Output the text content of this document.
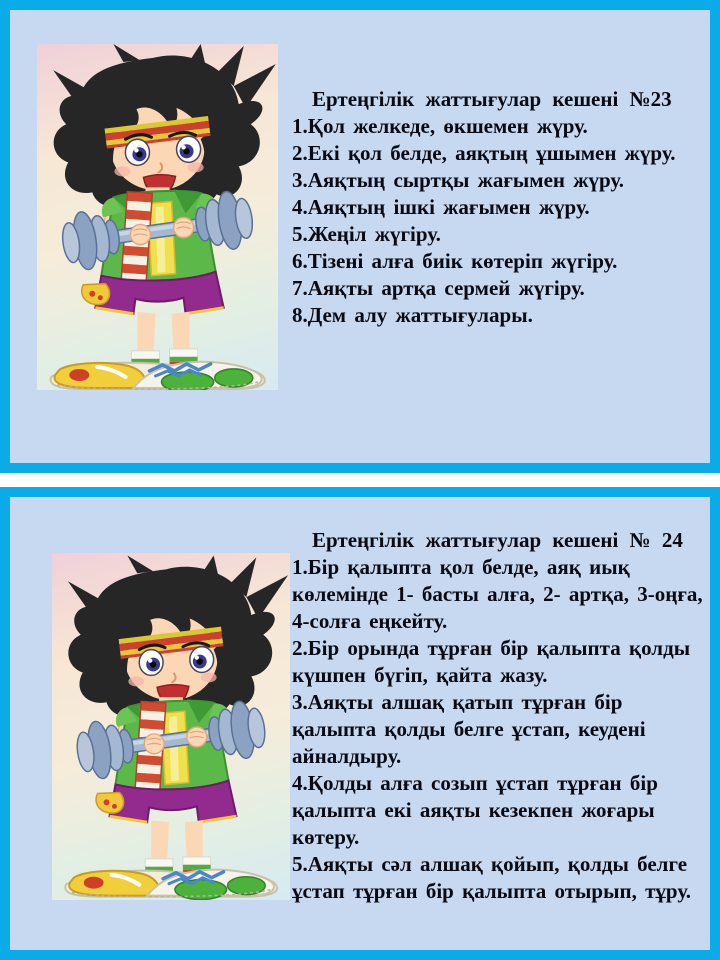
Ертеңгілік жаттығулар кешені №23
1.Қол желкеде, өкшемен жүру.
2.Екі қол белде, аяқтың ұшымен жүру.
3.Аяқтың сыртқы жағымен жүру.
4.Аяқтың ішкі жағымен жүру.
5.Жеңіл жүгіру.
6.Тізені алға биік көтеріп жүгіру.
7.Аяқты артқа сермей жүгіру.
8.Дем алу жаттығулары.
Ертеңгілік жаттығулар кешені № 24
1.Бір қалыпта қол белде, аяқ иық көлемінде 1- басты алға, 2- артқа, 3-оңға, 4-солға еңкейту.
2.Бір орында тұрған бір қалыпта қолды күшпен бүгіп, қайта жазу.
3.Аяқты алшақ қатып тұрған бір қалыпта қолды белге ұстап, кеудені айналдыру.
4.Қолды алға созып ұстап тұрған бір қалыпта екі аяқты кезекпен жоғары көтеру.
5.Аяқты сәл алшақ қойып, қолды белге ұстап тұрған бір қалыпта отырып, тұру.
